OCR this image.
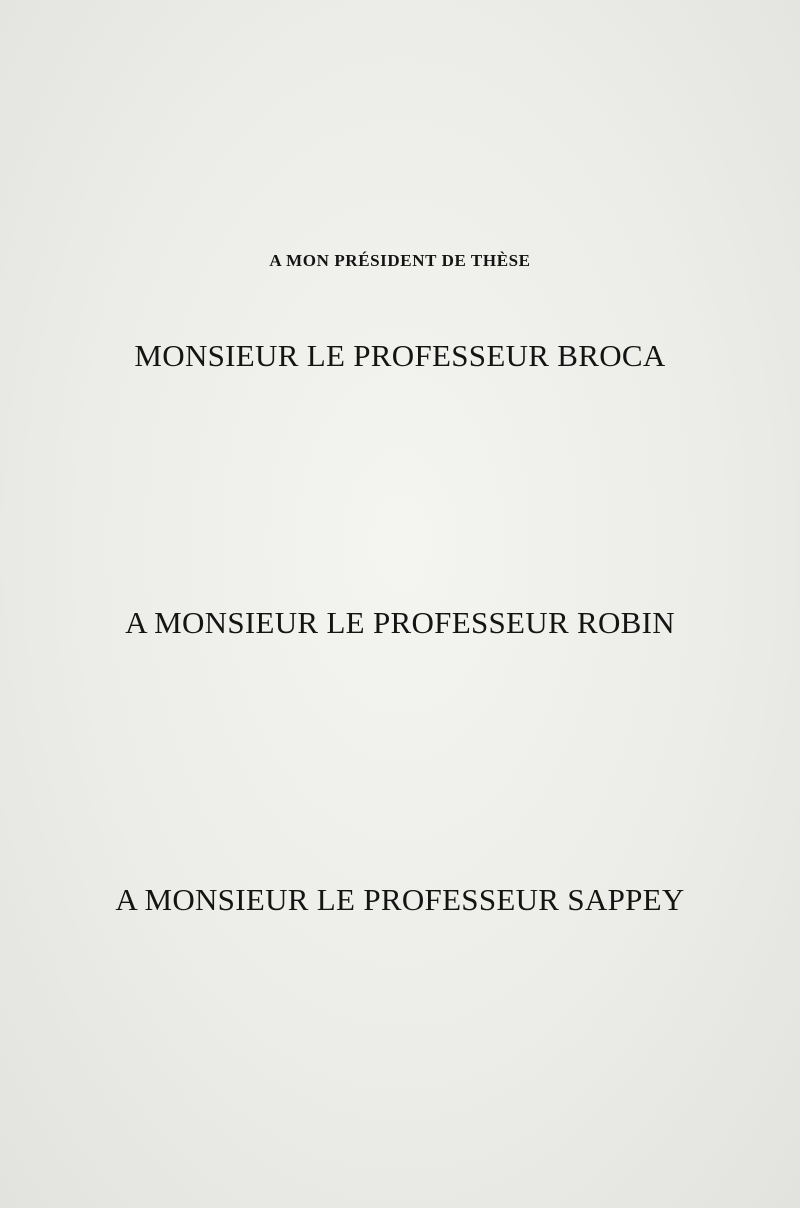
A MON PRÉSIDENT DE THÈSE
MONSIEUR LE PROFESSEUR BROCA
A MONSIEUR LE PROFESSEUR ROBIN
A MONSIEUR LE PROFESSEUR SAPPEY
